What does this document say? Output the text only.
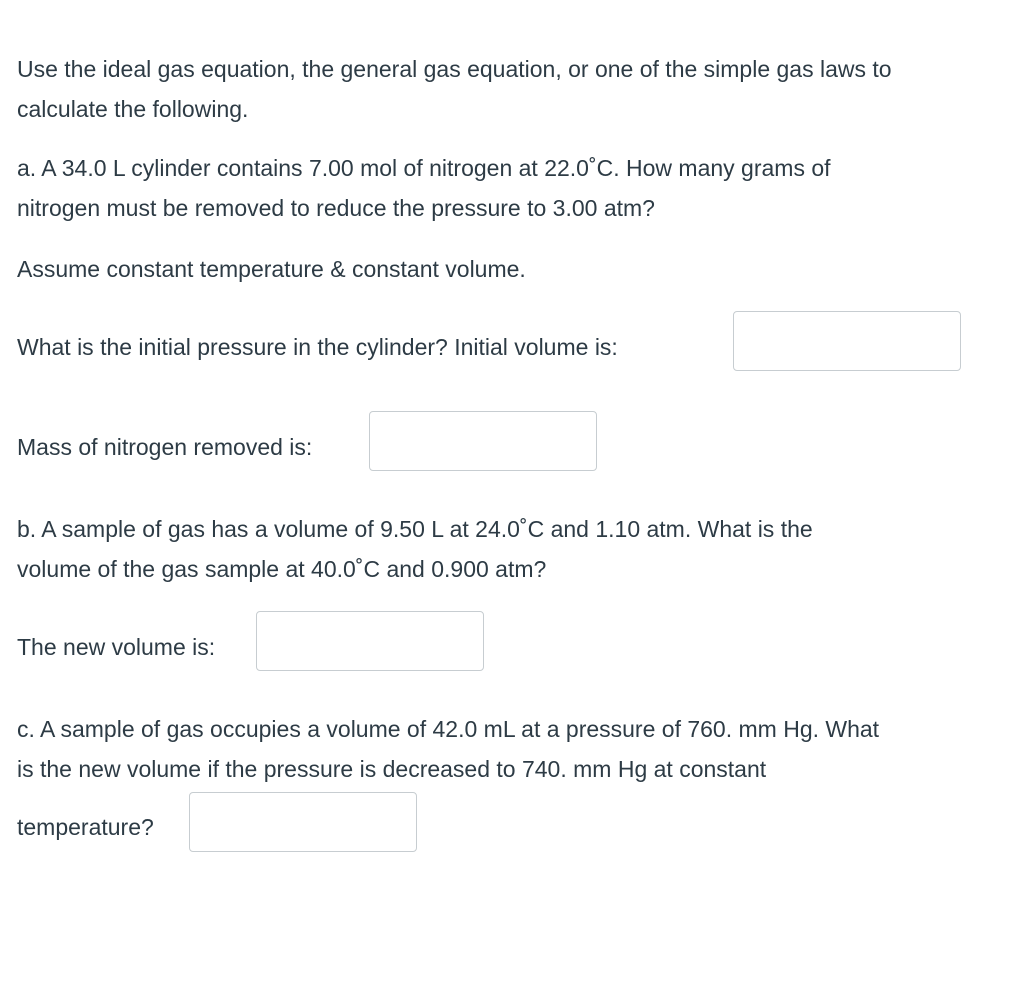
Use the ideal gas equation, the general gas equation, or one of the simple gas laws to

calculate the following.

a. A 34.0 L cylinder contains 7.00 mol of nitrogen at 22.0˚C. How many grams of

nitrogen must be removed to reduce the pressure to 3.00 atm?

Assume constant temperature & constant volume.

What is the initial pressure in the cylinder? Initial volume is:

Mass of nitrogen removed is:

b. A sample of gas has a volume of 9.50 L at 24.0˚C and 1.10 atm. What is the

volume of the gas sample at 40.0˚C and 0.900 atm?

The new volume is:

c. A sample of gas occupies a volume of 42.0 mL at a pressure of 760. mm Hg. What

is the new volume if the pressure is decreased to 740. mm Hg at constant

temperature?
